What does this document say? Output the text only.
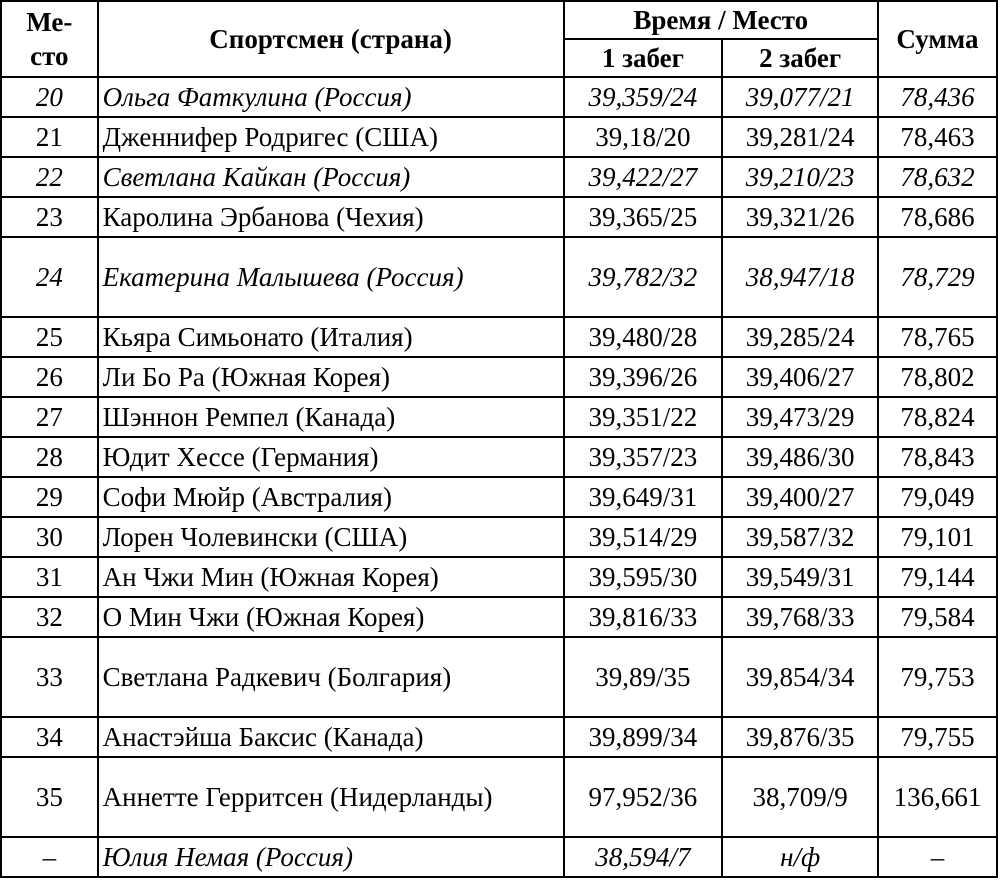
Ме-
сто	Спортсмен (страна)	Время / Место		Сумма
		1 забег	2 забег	
20	Ольга Фаткулина (Россия)	39,359/24	39,077/21	78,436
21	Дженнифер Родригес (США)	39,18/20	39,281/24	78,463
22	Светлана Кайкан (Россия)	39,422/27	39,210/23	78,632
23	Каролина Эрбанова (Чехия)	39,365/25	39,321/26	78,686
24	Екатерина Малышева (Россия)	39,782/32	38,947/18	78,729
25	Кьяра Симьонато (Италия)	39,480/28	39,285/24	78,765
26	Ли Бо Ра (Южная Корея)	39,396/26	39,406/27	78,802
27	Шэннон Ремпел (Канада)	39,351/22	39,473/29	78,824
28	Юдит Хессе (Германия)	39,357/23	39,486/30	78,843
29	Софи Мюйр (Австралия)	39,649/31	39,400/27	79,049
30	Лорен Чолевински (США)	39,514/29	39,587/32	79,101
31	Ан Чжи Мин (Южная Корея)	39,595/30	39,549/31	79,144
32	О Мин Чжи (Южная Корея)	39,816/33	39,768/33	79,584
33	Светлана Радкевич (Болгария)	39,89/35	39,854/34	79,753
34	Анастэйша Баксис (Канада)	39,899/34	39,876/35	79,755
35	Аннетте Герритсен (Нидерланды)	97,952/36	38,709/9	136,661
–	Юлия Немая (Россия)	38,594/7	н/ф	–
